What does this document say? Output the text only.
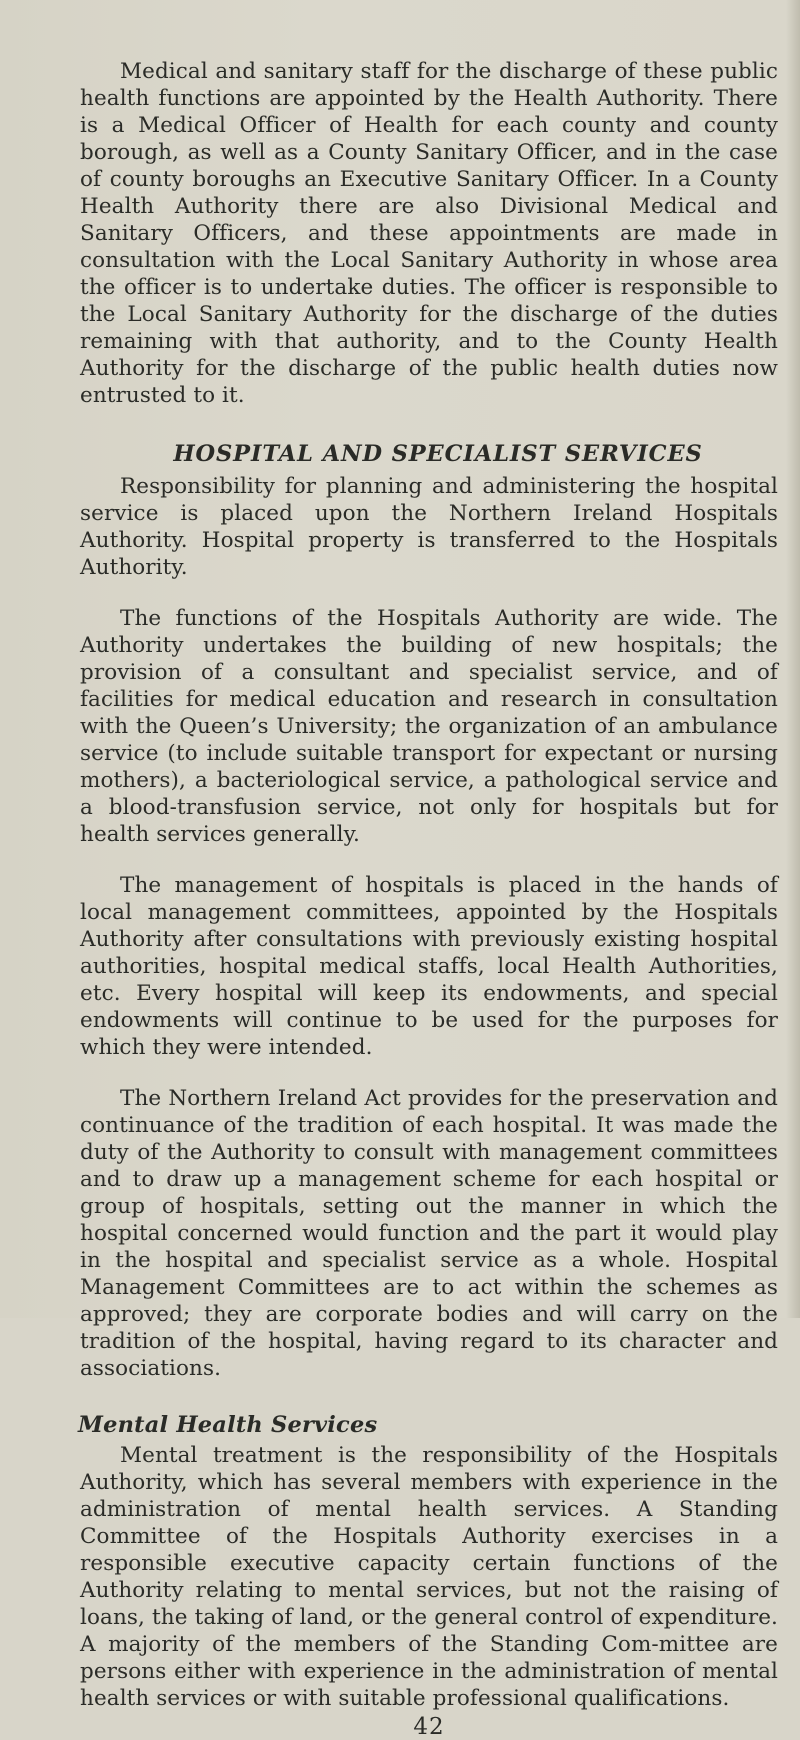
Medical and sanitary staff for the discharge of these public health functions are appointed by the Health Authority. There is a Medical Officer of Health for each county and county borough, as well as a County Sanitary Officer, and in the case of county boroughs an Executive Sanitary Officer. In a County Health Authority there are also Divisional Medical and Sanitary Officers, and these appointments are made in consultation with the Local Sanitary Authority in whose area the officer is to undertake duties. The officer is responsible to the Local Sanitary Authority for the discharge of the duties remaining with that authority, and to the County Health Authority for the discharge of the public health duties now entrusted to it.

HOSPITAL AND SPECIALIST SERVICES

Responsibility for planning and administering the hospital service is placed upon the Northern Ireland Hospitals Authority. Hospital property is transferred to the Hospitals Authority.

The functions of the Hospitals Authority are wide. The Authority undertakes the building of new hospitals; the provision of a consultant and specialist service, and of facilities for medical education and research in consultation with the Queen’s University; the organization of an ambulance service (to include suitable transport for expectant or nursing mothers), a bacteriological service, a pathological service and a blood-transfusion service, not only for hospitals but for health services generally.

The management of hospitals is placed in the hands of local management committees, appointed by the Hospitals Authority after consultations with previously existing hospital authorities, hospital medical staffs, local Health Authorities, etc. Every hospital will keep its endowments, and special endowments will continue to be used for the purposes for which they were intended.

The Northern Ireland Act provides for the preservation and continuance of the tradition of each hospital. It was made the duty of the Authority to consult with management committees and to draw up a management scheme for each hospital or group of hospitals, setting out the manner in which the hospital concerned would function and the part it would play in the hospital and specialist service as a whole. Hospital Management Committees are to act within the schemes as approved; they are corporate bodies and will carry on the tradition of the hospital, having regard to its character and associations.

Mental Health Services

Mental treatment is the responsibility of the Hospitals Authority, which has several members with experience in the administration of mental health services. A Standing Committee of the Hospitals Authority exercises in a responsible executive capacity certain functions of the Authority relating to mental services, but not the raising of loans, the taking of land, or the general control of expenditure. A majority of the members of the Standing Com-mittee are persons either with experience in the administration of mental health services or with suitable professional qualifications.

42
